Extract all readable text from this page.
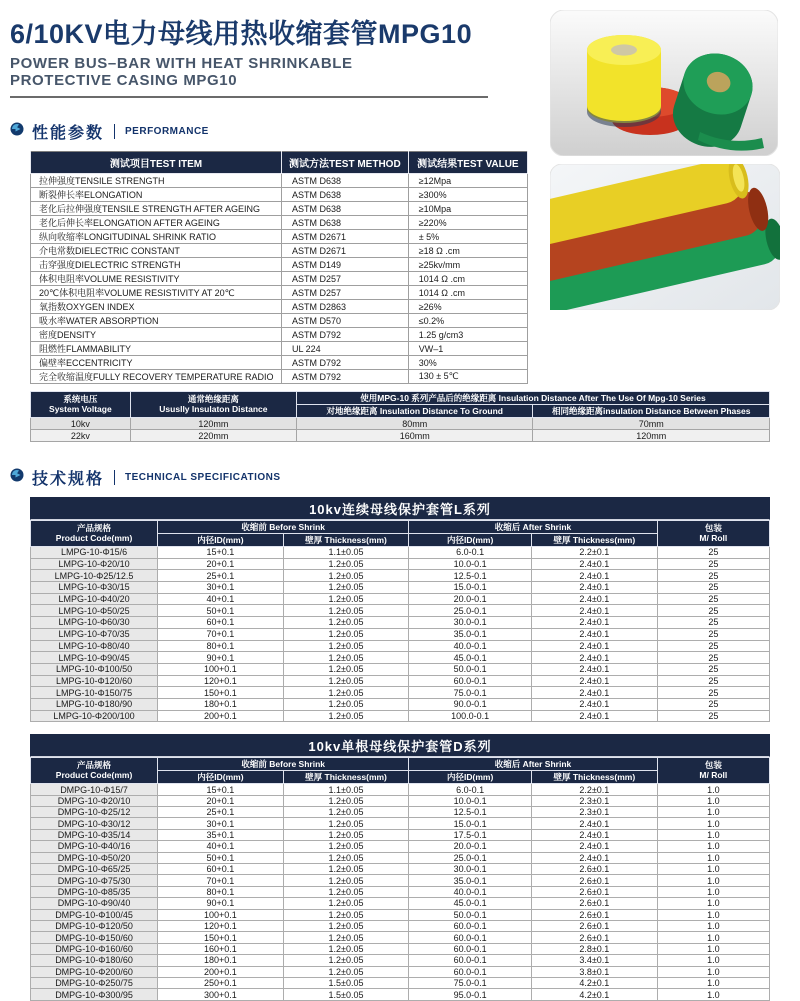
6/10KV电力母线用热收缩套管MPG10
POWER BUS–BAR WITH HEAT SHRINKABLE
PROTECTIVE CASING MPG10
性能参数 PERFORMANCE
测试项目TEST ITEM	测试方法TEST METHOD	测试结果TEST VALUE
拉伸强度TENSILE STRENGTH	ASTM D638	≥12Mpa
断裂伸长率ELONGATION	ASTM D638	≥300%
老化后拉伸强度TENSILE STRENGTH AFTER AGEING	ASTM D638	≥10Mpa
老化后伸长率ELONGATION AFTER AGEING	ASTM D638	≥220%
纵向收缩率LONGITUDINAL SHRINK RATIO	ASTM D2671	± 5%
介电常数DIELECTRIC CONSTANT	ASTM D2671	≥18 Ω .cm
击穿强度DIELECTRIC STRENGTH	ASTM D149	≥25kv/mm
体积电阻率VOLUME RESISTIVITY	ASTM D257	1014 Ω .cm
20℃体积电阻率VOLUME RESISTIVITY AT 20℃	ASTM D257	1014 Ω .cm
氧指数OXYGEN INDEX	ASTM D2863	≥26%
吸水率WATER ABSORPTION	ASTM D570	≤0.2%
密度DENSITY	ASTM D792	1.25 g/cm3
阻燃性FLAMMABILITY	UL 224	VW–1
偏壁率ECCENTRICITY	ASTM D792	30%
完全收缩温度FULLY RECOVERY TEMPERATURE RADIO	ASTM D792	130 ± 5℃
系统电压
System Voltage	通常绝缘距离
Ususlly Insulaton Distance	使用MPG-10 系列产品后的绝缘距离 Insulation Distance After The Use Of Mpg-10 Series	
		对地绝缘距离 Insulation Distance To Ground	相同绝缘距离insulation Distance Between Phases
10kv	120mm	80mm	70mm
22kv	220mm	160mm	120mm
技术规格 TECHNICAL SPECIFICATIONS
10kv连续母线保护套管L系列
产品规格
Product Code(mm)	收缩前 Before Shrink		收缩后 After Shrink		包装
M/ Roll
	内径ID(mm)	壁厚 Thickness(mm)	内径ID(mm)	壁厚 Thickness(mm)	
LMPG-10-Φ15/6	15+0.1	1.1±0.05	6.0-0.1	2.2±0.1	25
LMPG-10-Φ20/10	20+0.1	1.2±0.05	10.0-0.1	2.4±0.1	25
LMPG-10-Φ25/12.5	25+0.1	1.2±0.05	12.5-0.1	2.4±0.1	25
LMPG-10-Φ30/15	30+0.1	1.2±0.05	15.0-0.1	2.4±0.1	25
LMPG-10-Φ40/20	40+0.1	1.2±0.05	20.0-0.1	2.4±0.1	25
LMPG-10-Φ50/25	50+0.1	1.2±0.05	25.0-0.1	2.4±0.1	25
LMPG-10-Φ60/30	60+0.1	1.2±0.05	30.0-0.1	2.4±0.1	25
LMPG-10-Φ70/35	70+0.1	1.2±0.05	35.0-0.1	2.4±0.1	25
LMPG-10-Φ80/40	80+0.1	1.2±0.05	40.0-0.1	2.4±0.1	25
LMPG-10-Φ90/45	90+0.1	1.2±0.05	45.0-0.1	2.4±0.1	25
LMPG-10-Φ100/50	100+0.1	1.2±0.05	50.0-0.1	2.4±0.1	25
LMPG-10-Φ120/60	120+0.1	1.2±0.05	60.0-0.1	2.4±0.1	25
LMPG-10-Φ150/75	150+0.1	1.2±0.05	75.0-0.1	2.4±0.1	25
LMPG-10-Φ180/90	180+0.1	1.2±0.05	90.0-0.1	2.4±0.1	25
LMPG-10-Φ200/100	200+0.1	1.2±0.05	100.0-0.1	2.4±0.1	25
10kv单根母线保护套管D系列
产品规格
Product Code(mm)	收缩前 Before Shrink		收缩后 After Shrink		包装
M/ Roll
	内径ID(mm)	壁厚 Thickness(mm)	内径ID(mm)	壁厚 Thickness(mm)	
DMPG-10-Φ15/7	15+0.1	1.1±0.05	6.0-0.1	2.2±0.1	1.0
DMPG-10-Φ20/10	20+0.1	1.2±0.05	10.0-0.1	2.3±0.1	1.0
DMPG-10-Φ25/12	25+0.1	1.2±0.05	12.5-0.1	2.3±0.1	1.0
DMPG-10-Φ30/12	30+0.1	1.2±0.05	15.0-0.1	2.4±0.1	1.0
DMPG-10-Φ35/14	35+0.1	1.2±0.05	17.5-0.1	2.4±0.1	1.0
DMPG-10-Φ40/16	40+0.1	1.2±0.05	20.0-0.1	2.4±0.1	1.0
DMPG-10-Φ50/20	50+0.1	1.2±0.05	25.0-0.1	2.4±0.1	1.0
DMPG-10-Φ65/25	60+0.1	1.2±0.05	30.0-0.1	2.6±0.1	1.0
DMPG-10-Φ75/30	70+0.1	1.2±0.05	35.0-0.1	2.6±0.1	1.0
DMPG-10-Φ85/35	80+0.1	1.2±0.05	40.0-0.1	2.6±0.1	1.0
DMPG-10-Φ90/40	90+0.1	1.2±0.05	45.0-0.1	2.6±0.1	1.0
DMPG-10-Φ100/45	100+0.1	1.2±0.05	50.0-0.1	2.6±0.1	1.0
DMPG-10-Φ120/50	120+0.1	1.2±0.05	60.0-0.1	2.6±0.1	1.0
DMPG-10-Φ150/60	150+0.1	1.2±0.05	60.0-0.1	2.6±0.1	1.0
DMPG-10-Φ160/60	160+0.1	1.2±0.05	60.0-0.1	2.8±0.1	1.0
DMPG-10-Φ180/60	180+0.1	1.2±0.05	60.0-0.1	3.4±0.1	1.0
DMPG-10-Φ200/60	200+0.1	1.2±0.05	60.0-0.1	3.8±0.1	1.0
DMPG-10-Φ250/75	250+0.1	1.5±0.05	75.0-0.1	4.2±0.1	1.0
DMPG-10-Φ300/95	300+0.1	1.5±0.05	95.0-0.1	4.2±0.1	1.0
